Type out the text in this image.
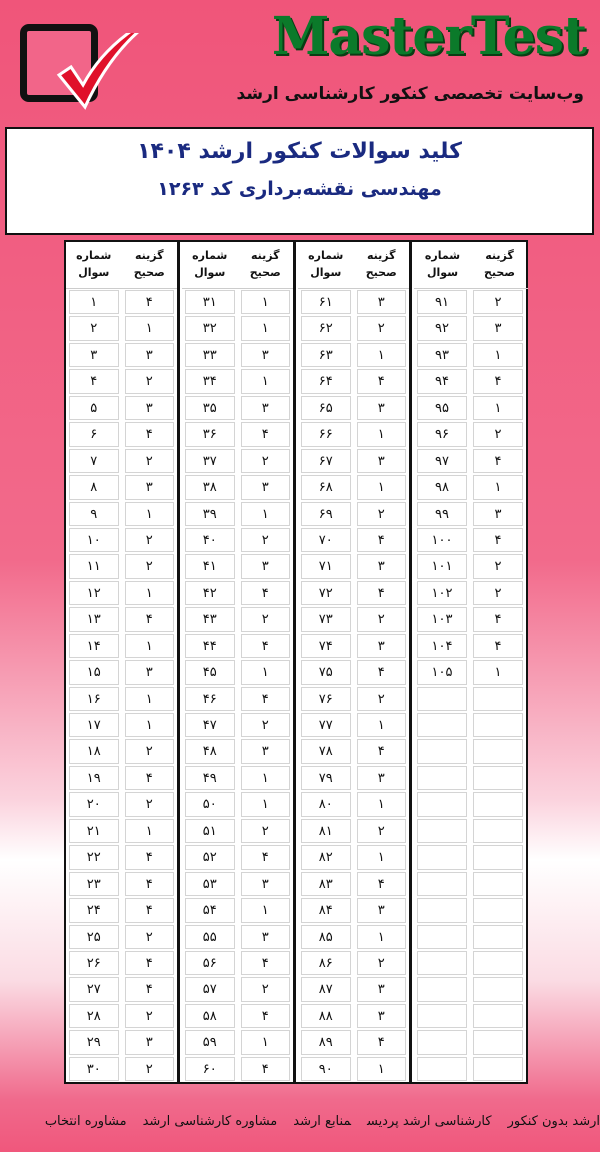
MasterTest
وب‌سایت تخصصی کنکور کارشناسی ارشد
کلید سوالات کنکور ارشد ۱۴۰۴
مهندسی نقشه‌برداری کد ۱۲۶۳
شماره سوال
گزینه صحیح
۱	۴
۲	۱
۳	۳
۴	۲
۵	۳
۶	۴
۷	۲
۸	۳
۹	۱
۱۰	۲
۱۱	۲
۱۲	۱
۱۳	۴
۱۴	۱
۱۵	۳
۱۶	۱
۱۷	۱
۱۸	۲
۱۹	۴
۲۰	۲
۲۱	۱
۲۲	۴
۲۳	۴
۲۴	۴
۲۵	۲
۲۶	۴
۲۷	۴
۲۸	۲
۲۹	۳
۳۰	۲
شماره سوال
گزینه صحیح
۳۱	۱
۳۲	۱
۳۳	۳
۳۴	۱
۳۵	۳
۳۶	۴
۳۷	۲
۳۸	۳
۳۹	۱
۴۰	۲
۴۱	۳
۴۲	۴
۴۳	۲
۴۴	۴
۴۵	۱
۴۶	۴
۴۷	۲
۴۸	۳
۴۹	۱
۵۰	۱
۵۱	۲
۵۲	۴
۵۳	۳
۵۴	۱
۵۵	۳
۵۶	۴
۵۷	۲
۵۸	۴
۵۹	۱
۶۰	۴
شماره سوال
گزینه صحیح
۶۱	۳
۶۲	۲
۶۳	۱
۶۴	۴
۶۵	۳
۶۶	۱
۶۷	۳
۶۸	۱
۶۹	۲
۷۰	۴
۷۱	۳
۷۲	۴
۷۳	۲
۷۴	۳
۷۵	۴
۷۶	۲
۷۷	۱
۷۸	۴
۷۹	۳
۸۰	۱
۸۱	۲
۸۲	۱
۸۳	۴
۸۴	۳
۸۵	۱
۸۶	۲
۸۷	۳
۸۸	۳
۸۹	۴
۹۰	۱
شماره سوال
گزینه صحیح
۹۱	۲
۹۲	۳
۹۳	۱
۹۴	۴
۹۵	۱
۹۶	۲
۹۷	۴
۹۸	۱
۹۹	۳
۱۰۰	۴
۱۰۱	۲
۱۰۲	۲
۱۰۳	۴
۱۰۴	۴
۱۰۵	۱
ارشد بدون کنکورکارشناسی ارشد پردیسمنابع ارشدمشاوره کارشناسی ارشدمشاوره انتخاب
